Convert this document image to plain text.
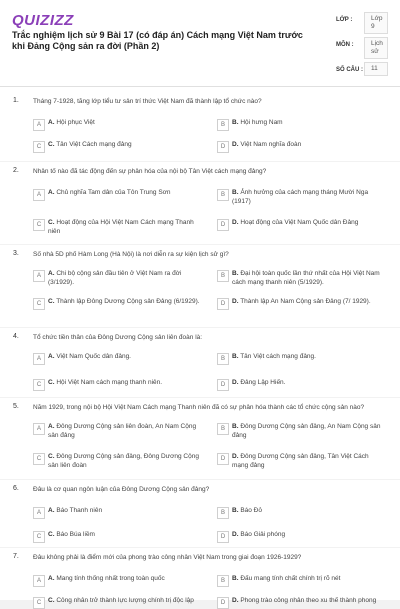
QUIZIZZ
Trắc nghiệm lịch sử 9 Bài 17 (có đáp án) Cách mạng Việt Nam trước khi Đảng Cộng sản ra đời (Phần 2)
LỚP :	Lớp 9
MÔN :	Lịch sử
SỐ CÂU :	11
1. Tháng 7-1928, tăng lớp tiểu tư sản trí thức Việt Nam đã thành lập tổ chức nào?
A	A. Hội phục Việt	B	B. Hội hưng Nam
C	C. Tân Việt Cách mạng đảng	D	D. Việt Nam nghĩa đoàn
2. Nhân tố nào đã tác động đến sự phân hóa của nội bộ Tân Việt cách mạng đảng?
A	A. Chủ nghĩa Tam dân của Tôn Trung Sơn	B	B. Ảnh hưởng của cách mạng tháng Mười Nga (1917)
C	C. Hoạt động của Hội Việt Nam Cách mạng Thanh niên
D	D. Hoạt động của Việt Nam Quốc dân Đảng
3. Số nhà 5D phố Hàm Long (Hà Nội) là nơi diễn ra sự kiện lịch sử gì?
A	A. Chi bộ cộng sản đầu tiên ở Việt Nam ra đời (3/1929).
B	B. Đại hội toàn quốc lần thứ nhất của Hội Việt Nam cách mạng thanh niên (5/1929).
C	C. Thành lập Đông Dương Cộng sản Đảng (6/1929).	D	D. Thành lập An Nam Cộng sản Đảng (7/ 1929).
4. Tổ chức tiền thân của Đông Dương Cộng sản liên đoàn là:
A	A. Việt Nam Quốc dân đảng.	B	B. Tân Việt cách mạng đảng.
C	C. Hội Việt Nam cách mạng thanh niên.	D	D. Đảng Lập Hiến.
5. Năm 1929, trong nội bộ Hội Việt Nam Cách mạng Thanh niên đã có sự phân hóa thành các tổ chức cộng sản nào?
A	A. Đông Dương Cộng sản liên đoàn, An Nam Cộng sản đảng
B	B. Đông Dương Cộng sản đảng, An Nam Cộng sản đảng
C	C. Đông Dương Cộng sản đảng, Đông Dương Cộng sản liên đoàn
D	D. Đông Dương Cộng sản đảng, Tân Việt Cách mạng đảng
6. Đâu là cơ quan ngôn luận của Đông Dương Cộng sản đảng?
A	A. Báo Thanh niên	B	B. Báo Đỏ
C	C. Báo Búa liềm	D	D. Báo Giải phóng
7. Đâu không phải là điểm mới của phong trào công nhân Việt Nam trong giai đoạn 1926-1929?
A	A. Mang tính thống nhất trong toàn quốc	B	B. Đấu mang tính chất chính trị rõ nét
C	C. Công nhân trở thành lực lượng chính trị độc lập	D	D. Phong trào công nhân theo xu thế thành phong
